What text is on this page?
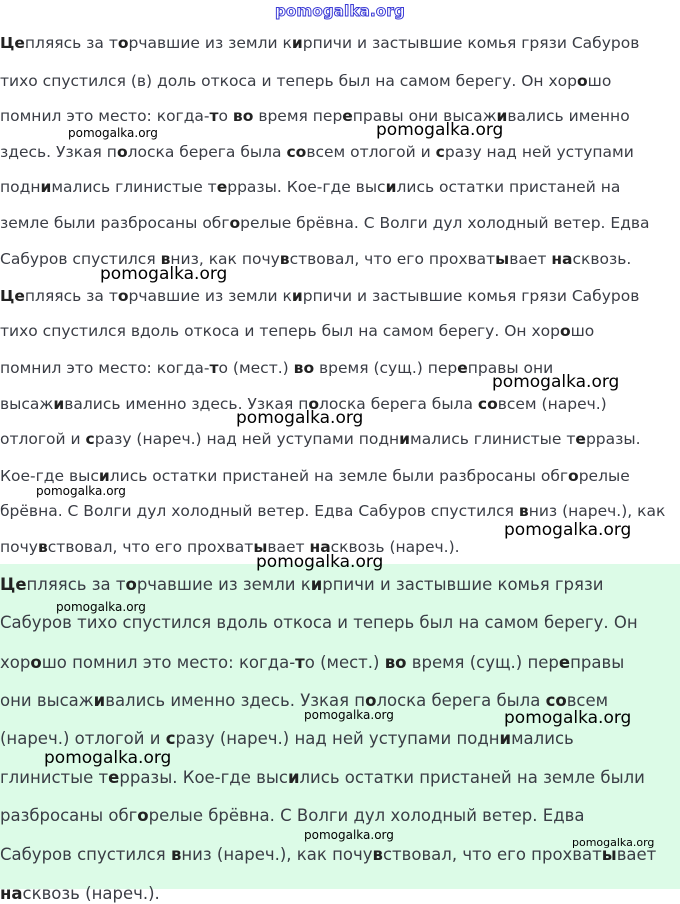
pomogalka.org
Цепляясь за торчавшие из земли кирпичи и застывшие комья грязи Сабуров
тихо спустился (в) доль откоса и теперь был на самом берегу. Он хорошо
помнил это место: когда-то во время переправы они высаживались именно
здесь. Узкая полоска берега была совсем отлогой и сразу над ней уступами
поднимались глинистые терразы. Кое-где высились остатки пристаней на
земле были разбросаны обгорелые брёвна. С Волги дул холодный ветер. Едва
Сабуров спустился вниз, как почувствовал, что его прохватывает насквозь.
Цепляясь за торчавшие из земли кирпичи и застывшие комья грязи Сабуров
тихо спустился вдоль откоса и теперь был на самом берегу. Он хорошо
помнил это место: когда-то (мест.) во время (сущ.) переправы они
высаживались именно здесь. Узкая полоска берега была совсем (нареч.)
отлогой и сразу (нареч.) над ней уступами поднимались глинистые терразы.
Кое-где высились остатки пристаней на земле были разбросаны обгорелые
брёвна. С Волги дул холодный ветер. Едва Сабуров спустился вниз (нареч.), как
почувствовал, что его прохватывает насквозь (нареч.).
Цепляясь за торчавшие из земли кирпичи и застывшие комья грязи
Сабуров тихо спустился вдоль откоса и теперь был на самом берегу. Он
хорошо помнил это место: когда-то (мест.) во время (сущ.) переправы
они высаживались именно здесь. Узкая полоска берега была совсем
(нареч.) отлогой и сразу (нареч.) над ней уступами поднимались
глинистые терразы. Кое-где высились остатки пристаней на земле были
разбросаны обгорелые брёвна. С Волги дул холодный ветер. Едва
Сабуров спустился вниз (нареч.), как почувствовал, что его прохватывает
насквозь (нареч.).
pomogalka.org	pomogalka.org
pomogalka.org
pomogalka.org
pomogalka.org
pomogalka.org
pomogalka.org
pomogalka.org
pomogalka.org
pomogalka.org	pomogalka.org
pomogalka.org
pomogalka.org
pomogalka.org
